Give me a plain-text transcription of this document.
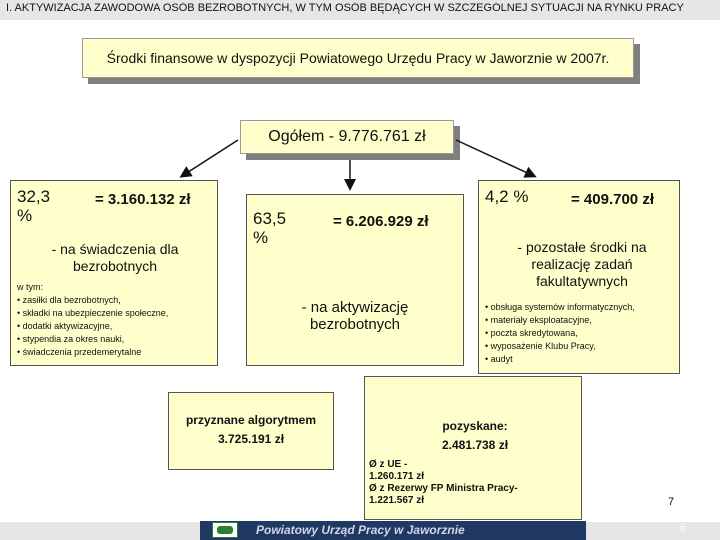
I. AKTYWIZACJA ZAWODOWA OSÓB BEZROBOTNYCH, W TYM OSÓB BĘDĄCYCH W SZCZEGÓLNEJ SYTUACJI NA RYNKU PRACY
Środki finansowe w dyspozycji Powiatowego Urzędu Pracy w Jaworznie w 2007r.
Ogółem - 9.776.761 zł
32,3 %
= 3.160.132 zł
- na świadczenia dla bezrobotnych
w tym:
• zasiłki dla bezrobotnych,
• składki na ubezpieczenie społeczne,
• dodatki aktywizacyjne,
• stypendia za okres nauki,
• świadczenia przedemerytalne
63,5 %
= 6.206.929 zł
- na aktywizację bezrobotnych
4,2 %	= 409.700 zł
- pozostałe środki na realizację zadań fakultatywnych
• obsługa systemów informatycznych,
• materiały eksploatacyjne,
• poczta skredytowana,
• wyposażenie Klubu Pracy,
• audyt
przyznane algorytmem
3.725.191 zł
pozyskane:
2.481.738 zł
Ø z UE -
1.260.171 zł
Ø z Rezerwy FP Ministra Pracy-
1.221.567 zł	7
Powiatowy Urząd Pracy w Jaworznie	6
